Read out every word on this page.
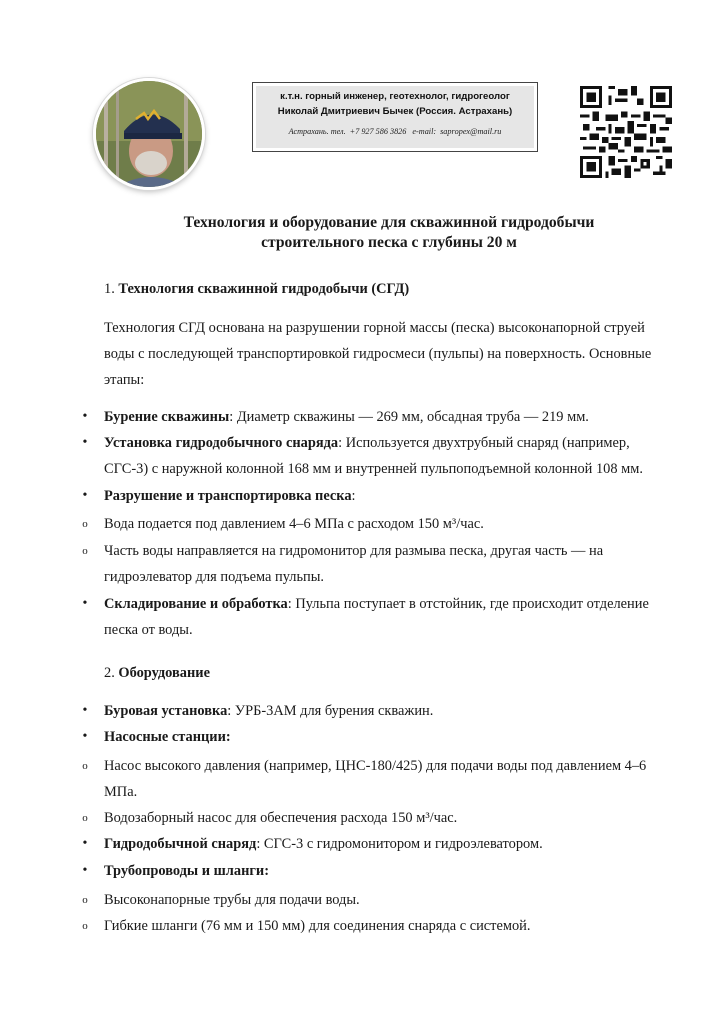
к.т.н. горный инженер, геотехнолог, гидрогеолог
Николай Дмитриевич Бычек (Россия. Астрахань)
Астрахань. тел. +7 927 586 3826 e-mail: saprорех@mail.ru
Технология и оборудование для скважинной гидродобычи
строительного песка с глубины 20 м
1. Технология скважинной гидродобычи (СГД)
Технология СГД основана на разрушении горной массы (песка) высоконапорной струей воды с последующей транспортировкой гидросмеси (пульпы) на поверхность. Основные этапы:
• Бурение скважины: Диаметр скважины — 269 мм, обсадная труба — 219 мм.
• Установка гидродобычного снаряда: Используется двухтрубный снаряд (например, СГС-3) с наружной колонной 168 мм и внутренней пульпоподъемной колонной 108 мм.
• Разрушение и транспортировка песка:
o Вода подается под давлением 4–6 МПа с расходом 150 м³/час.
o Часть воды направляется на гидромонитор для размыва песка, другая часть — на гидроэлеватор для подъема пульпы.
• Складирование и обработка: Пульпа поступает в отстойник, где происходит отделение песка от воды.
2. Оборудование
• Буровая установка: УРБ-3АМ для бурения скважин.
• Насосные станции:
o Насос высокого давления (например, ЦНС-180/425) для подачи воды под давлением 4–6 МПа.
o Водозаборный насос для обеспечения расхода 150 м³/час.
• Гидродобычной снаряд: СГС-3 с гидромонитором и гидроэлеватором.
• Трубопроводы и шланги:
o Высоконапорные трубы для подачи воды.
o Гибкие шланги (76 мм и 150 мм) для соединения снаряда с системой.
